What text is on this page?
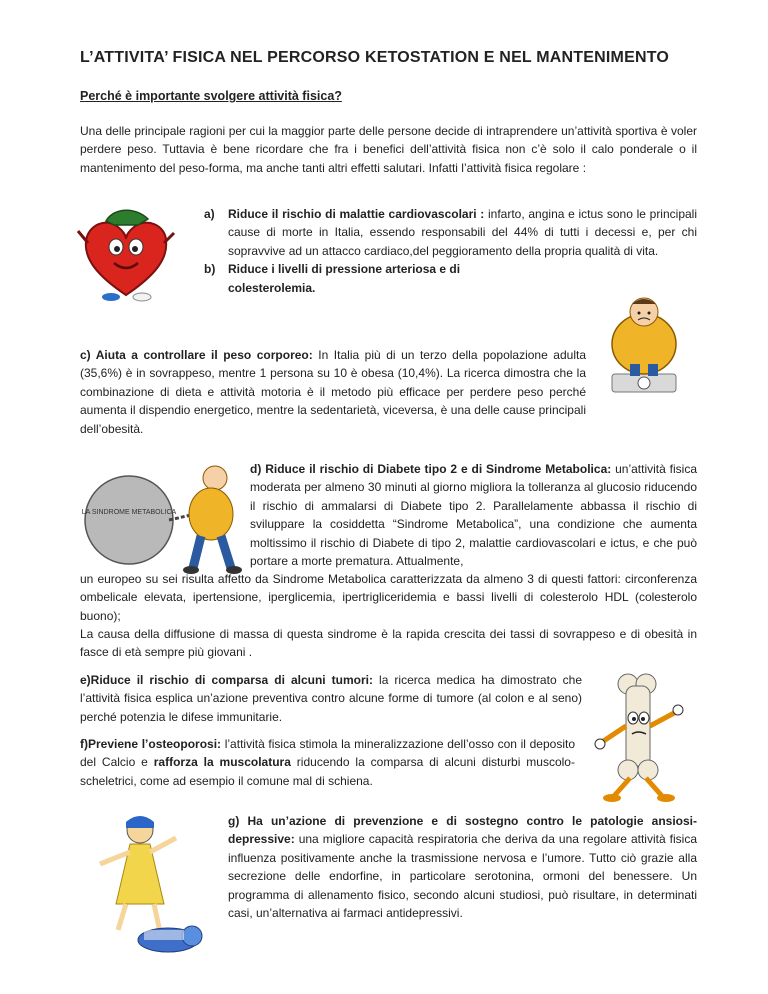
L’ATTIVITA’ FISICA NEL PERCORSO KETOSTATION E NEL MANTENIMENTO
Perché è importante svolgere attività fisica?
Una delle principale ragioni per cui la maggior parte delle persone decide di intraprendere un’attività sportiva è voler perdere peso. Tuttavia è bene ricordare che fra i benefici dell’attività fisica non c’è solo il calo ponderale o il mantenimento del peso-forma, ma anche tanti altri effetti salutari. Infatti l’attività fisica regolare :
a)	Riduce il rischio di malattie cardiovascolari : infarto, angina e ictus sono le principali cause di morte in Italia, essendo responsabili del 44% di tutti i decessi e, per chi sopravvive ad un attacco cardiaco,del peggioramento della propria qualità di vita.
b)	Riduce i livelli di pressione arteriosa e di
colesterolemia.
c) Aiuta a controllare il peso corporeo: In Italia più di un terzo della popolazione adulta (35,6%) è in sovrappeso, mentre 1 persona su 10 è obesa (10,4%). La ricerca dimostra che la combinazione di dieta e attività motoria è il metodo più efficace per perdere peso perché aumenta il dispendio energetico, mentre la sedentarietà, viceversa, è una delle cause principali dell’obesità.
LA SINDROME METABOLICA
d) Riduce il rischio di Diabete tipo 2 e di Sindrome Metabolica: un’attività fisica moderata per almeno 30 minuti al giorno migliora la tolleranza al glucosio riducendo il rischio di ammalarsi di Diabete tipo 2. Parallelamente abbassa il rischio di sviluppare la cosiddetta “Sindrome Metabolica”, una condizione che aumenta moltissimo il rischio di Diabete di tipo 2, malattie cardiovascolari e ictus, e che può portare a morte prematura. Attualmente,
un europeo su sei risulta affetto da Sindrome Metabolica caratterizzata da almeno 3 di questi fattori: circonferenza ombelicale elevata, ipertensione, iperglicemia, ipertrigliceridemia e bassi livelli di colesterolo HDL (colesterolo buono);
La causa della diffusione di massa di questa sindrome è la rapida crescita dei tassi di sovrappeso e di obesità in fasce di età sempre più giovani .
e)Riduce il rischio di comparsa di alcuni tumori: la ricerca medica ha dimostrato che l’attività fisica esplica un’azione preventiva contro alcune forme di tumore (al colon e al seno) perché potenzia le difese immunitarie.
f)Previene l’osteoporosi: l’attività fisica stimola la mineralizzazione dell’osso con il deposito del Calcio e rafforza la muscolatura riducendo la comparsa di alcuni disturbi muscolo-scheletrici, come ad esempio il comune mal di schiena.
g) Ha un’azione di prevenzione e di sostegno contro le patologie ansiosi-depressive: una migliore capacità respiratoria che deriva da una regolare attività fisica influenza positivamente anche la trasmissione nervosa e l’umore. Tutto ciò grazie alla secrezione delle endorfine, in particolare serotonina, ormoni del benessere. Un programma di allenamento fisico, secondo alcuni studiosi, può risultare, in determinati casi, un’alternativa ai farmaci antidepressivi.
